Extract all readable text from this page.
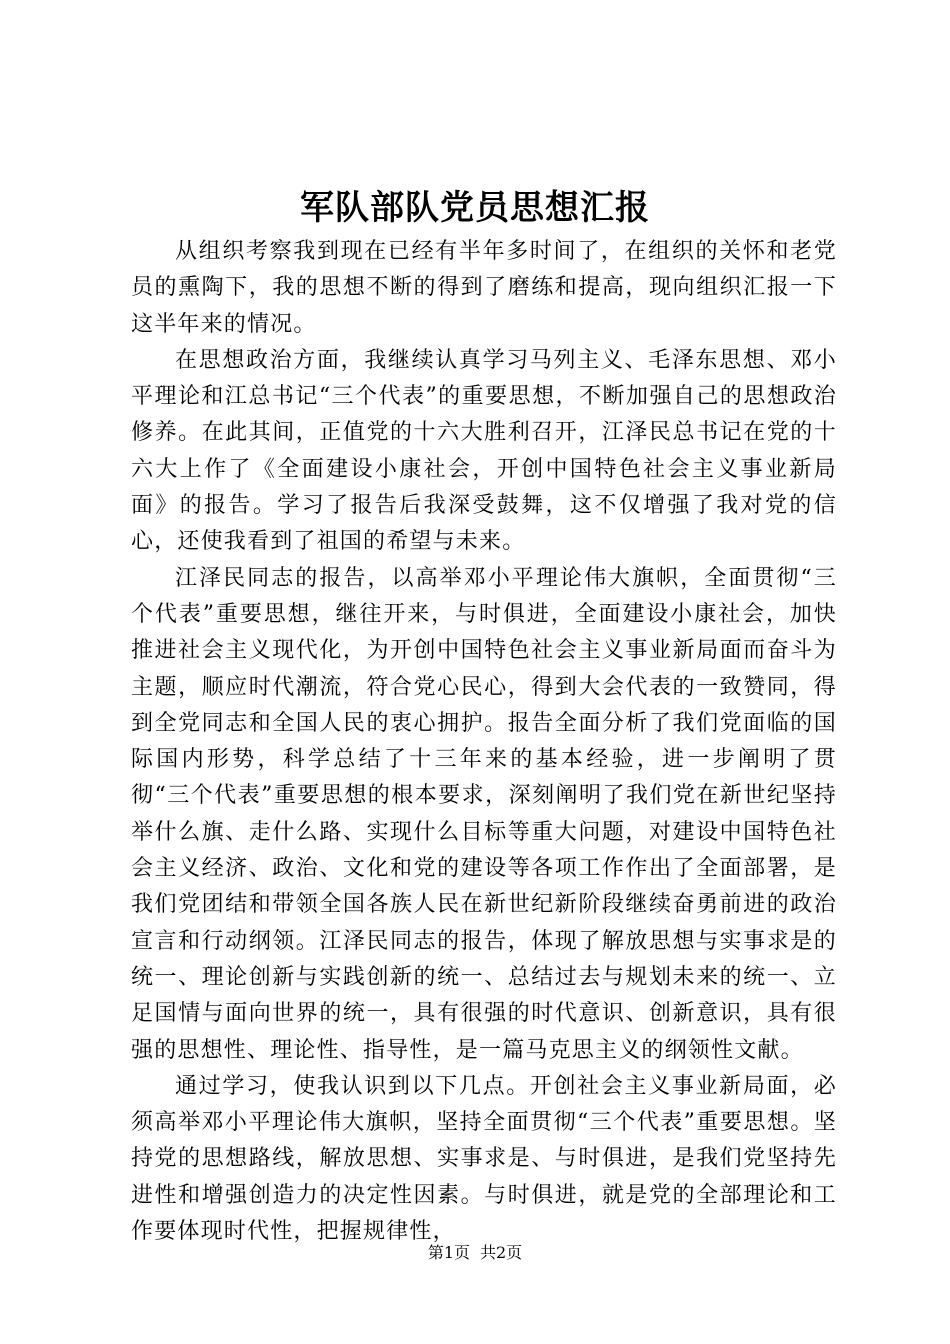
军队部队党员思想汇报

从组织考察我到现在已经有半年多时间了，在组织的关怀和老党员的熏陶下，我的思想不断的得到了磨练和提高，现向组织汇报一下这半年来的情况。

在思想政治方面，我继续认真学习马列主义、毛泽东思想、邓小平理论和江总书记“三个代表”的重要思想，不断加强自己的思想政治修养。在此其间，正值党的十六大胜利召开，江泽民总书记在党的十六大上作了《全面建设小康社会，开创中国特色社会主义事业新局面》的报告。学习了报告后我深受鼓舞，这不仅增强了我对党的信心，还使我看到了祖国的希望与未来。

江泽民同志的报告，以高举邓小平理论伟大旗帜，全面贯彻“三个代表”重要思想，继往开来，与时俱进，全面建设小康社会，加快推进社会主义现代化，为开创中国特色社会主义事业新局面而奋斗为主题，顺应时代潮流，符合党心民心，得到大会代表的一致赞同，得到全党同志和全国人民的衷心拥护。报告全面分析了我们党面临的国际国内形势，科学总结了十三年来的基本经验，进一步阐明了贯彻“三个代表”重要思想的根本要求，深刻阐明了我们党在新世纪坚持举什么旗、走什么路、实现什么目标等重大问题，对建设中国特色社会主义经济、政治、文化和党的建设等各项工作作出了全面部署，是我们党团结和带领全国各族人民在新世纪新阶段继续奋勇前进的政治宣言和行动纲领。江泽民同志的报告，体现了解放思想与实事求是的统一、理论创新与实践创新的统一、总结过去与规划未来的统一、立足国情与面向世界的统一，具有很强的时代意识、创新意识，具有很强的思想性、理论性、指导性，是一篇马克思主义的纲领性文献。

通过学习，使我认识到以下几点。开创社会主义事业新局面，必须高举邓小平理论伟大旗帜，坚持全面贯彻“三个代表”重要思想。坚持党的思想路线，解放思想、实事求是、与时俱进，是我们党坚持先进性和增强创造力的决定性因素。与时俱进，就是党的全部理论和工作要体现时代性，把握规律性，

第1页 共2页
